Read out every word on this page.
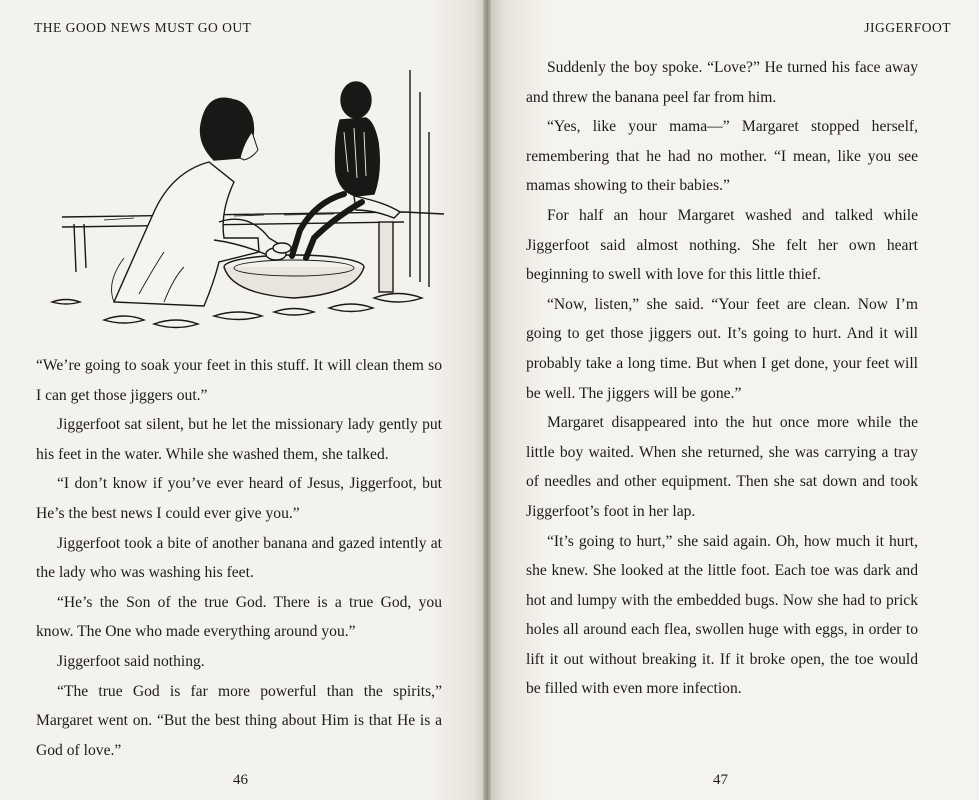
THE GOOD NEWS MUST GO OUT

“We’re going to soak your feet in this stuff. It will clean them so I can get those jiggers out.”

Jiggerfoot sat silent, but he let the missionary lady gently put his feet in the water. While she washed them, she talked.

“I don’t know if you’ve ever heard of Jesus, Jiggerfoot, but He’s the best news I could ever give you.”

Jiggerfoot took a bite of another banana and gazed intently at the lady who was washing his feet.

“He’s the Son of the true God. There is a true God, you know. The One who made everything around you.”

Jiggerfoot said nothing.

“The true God is far more powerful than the spirits,” Margaret went on. “But the best thing about Him is that He is a God of love.”

46
JIGGERFOOT

Suddenly the boy spoke. “Love?” He turned his face away and threw the banana peel far from him.

“Yes, like your mama—” Margaret stopped herself, remembering that he had no mother. “I mean, like you see mamas showing to their babies.”

For half an hour Margaret washed and talked while Jiggerfoot said almost nothing. She felt her own heart beginning to swell with love for this little thief.

“Now, listen,” she said. “Your feet are clean. Now I’m going to get those jiggers out. It’s going to hurt. And it will probably take a long time. But when I get done, your feet will be well. The jiggers will be gone.”

Margaret disappeared into the hut once more while the little boy waited. When she returned, she was carrying a tray of needles and other equipment. Then she sat down and took Jiggerfoot’s foot in her lap.

“It’s going to hurt,” she said again. Oh, how much it hurt, she knew. She looked at the little foot. Each toe was dark and hot and lumpy with the embedded bugs. Now she had to prick holes all around each flea, swollen huge with eggs, in order to lift it out without breaking it. If it broke open, the toe would be filled with even more infection.

47
